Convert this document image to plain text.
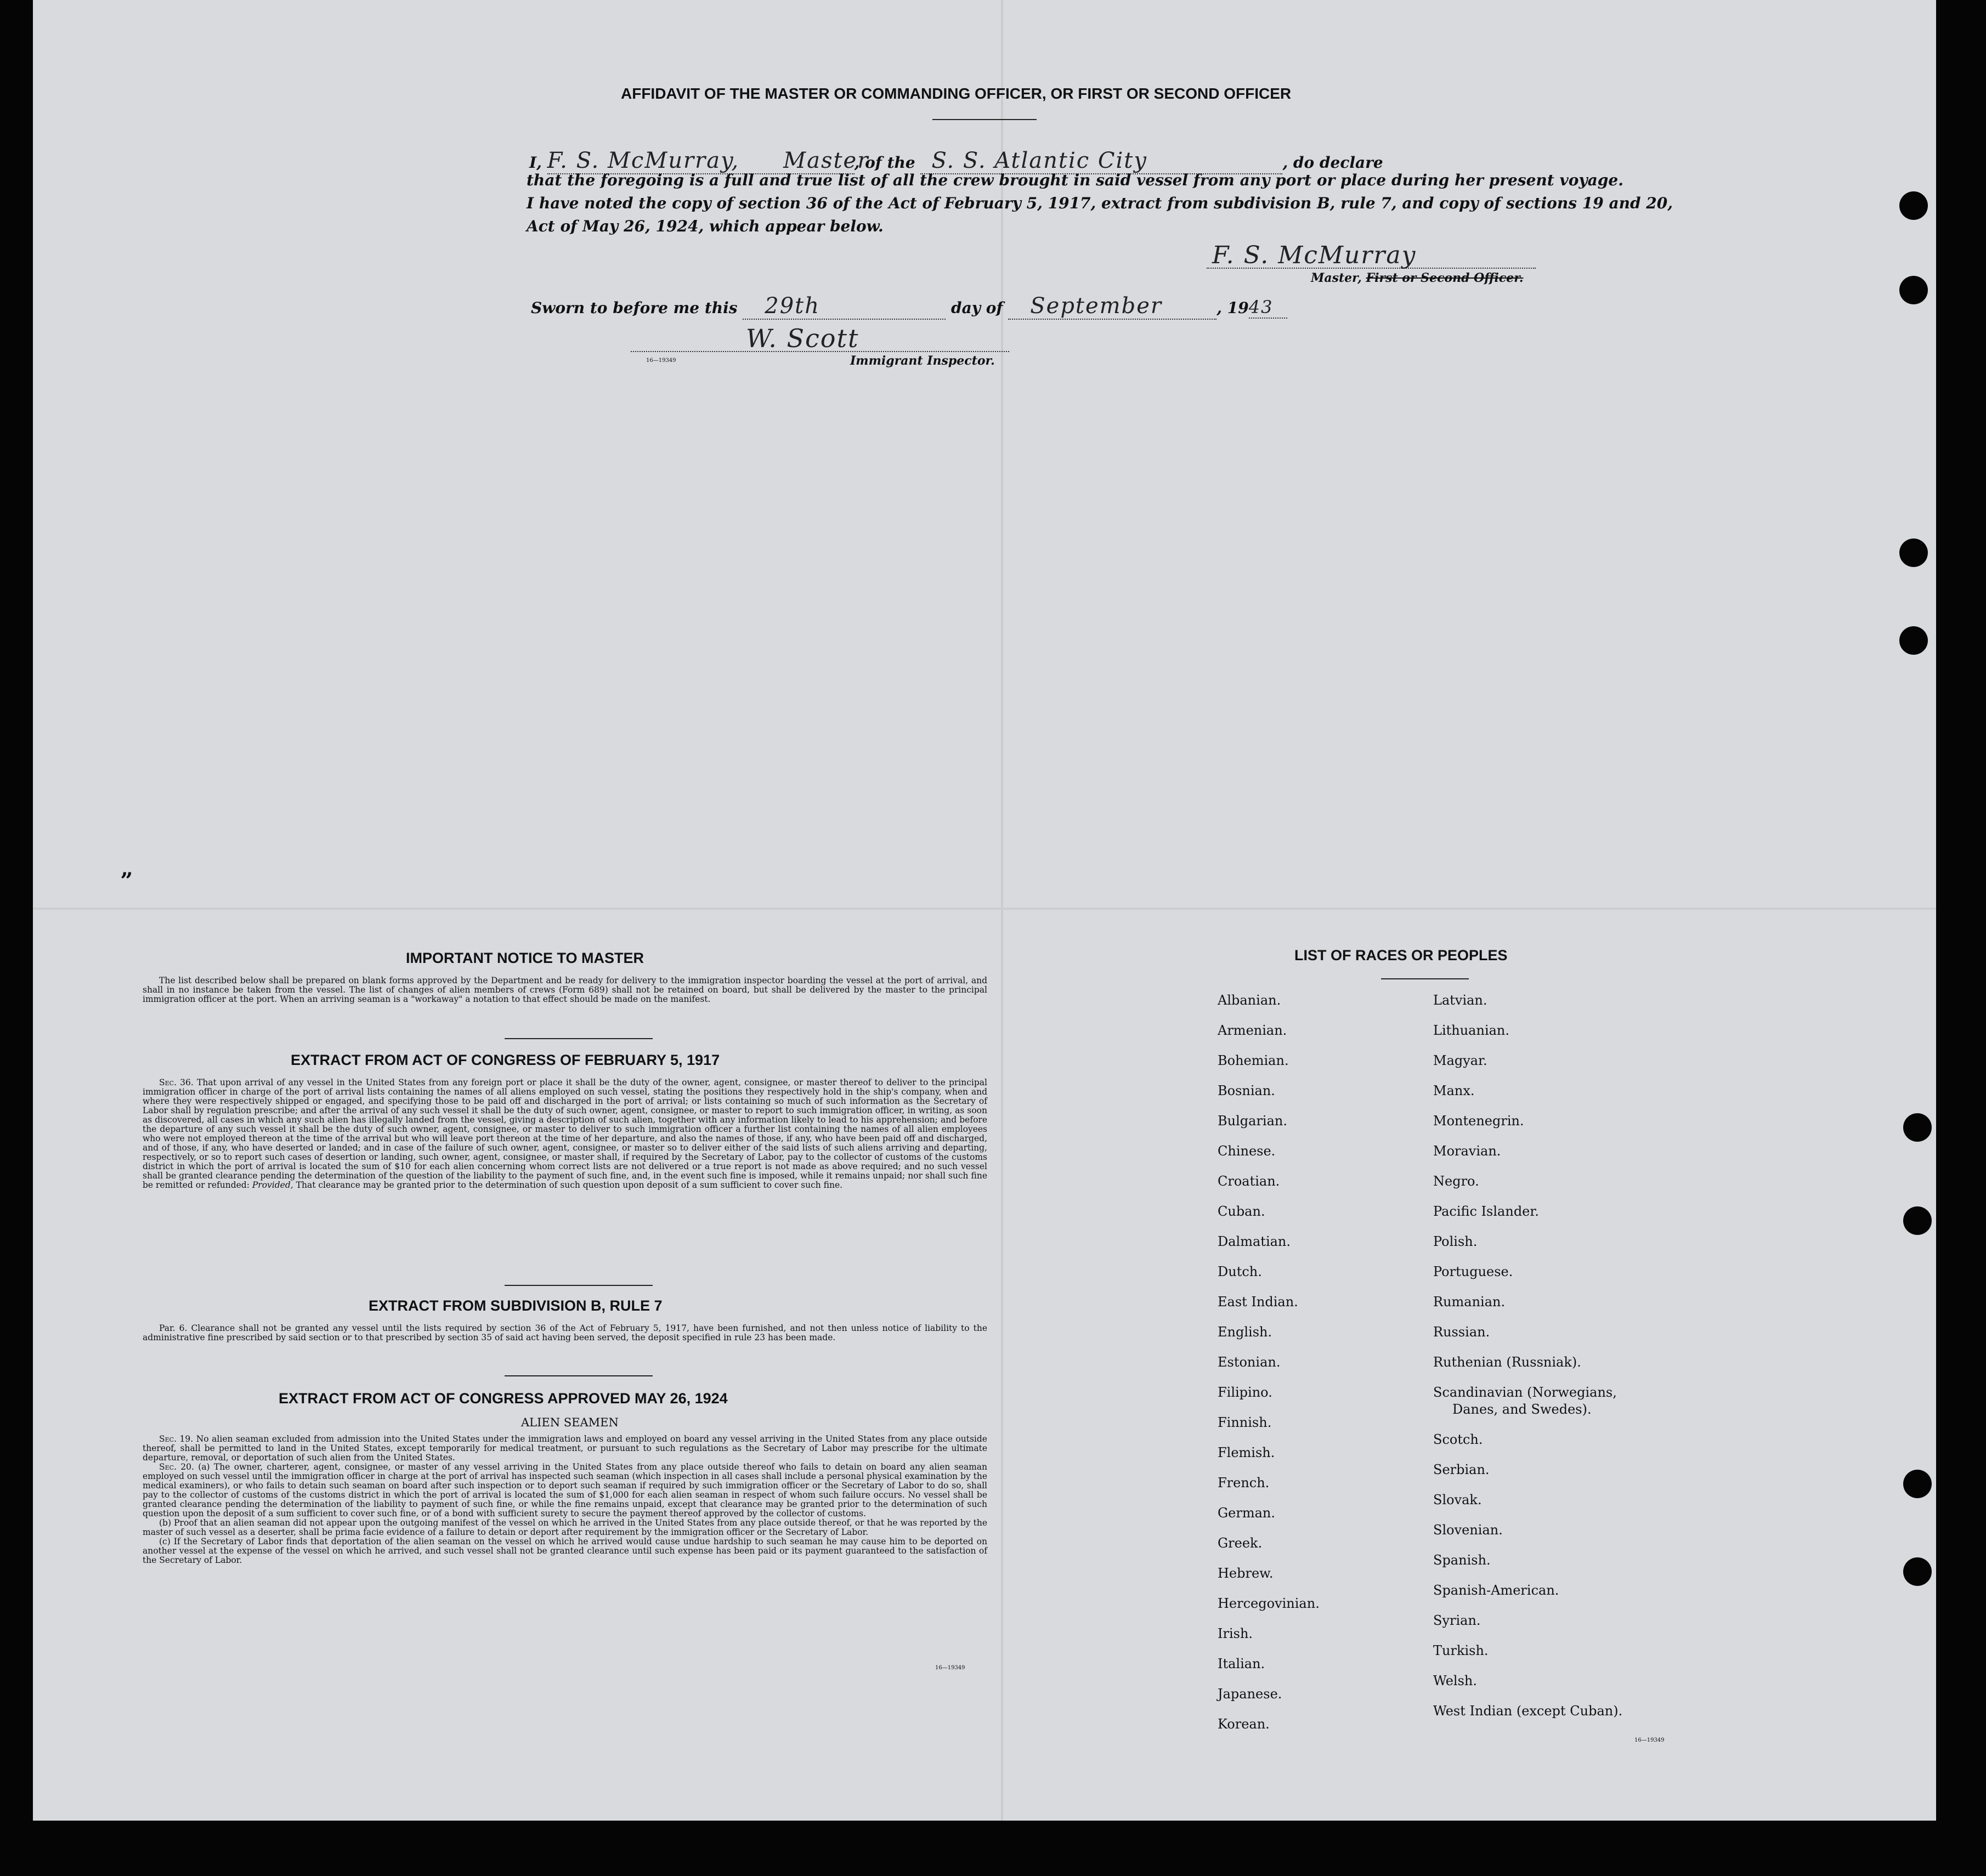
AFFIDAVIT OF THE MASTER OR COMMANDING OFFICER, OR FIRST OR SECOND OFFICER
I, F. S. McMurray, Master, of the S. S. Atlantic City	, do declare
that the foregoing is a full and true list of all the crew brought in said vessel from any port or place during her present voyage.
I have noted the copy of section 36 of the Act of February 5, 1917, extract from subdivision B, rule 7, and copy of sections 19 and 20,
Act of May 26, 1924, which appear below.
F. S. McMurray
Master, First or Second Officer.
Sworn to before me this 29th	day of September	, 1943
W. Scott
16—19349	Immigrant Inspector.
„
IMPORTANT NOTICE TO MASTER

The list described below shall be prepared on blank forms approved by the Department and be ready for delivery to the immigration inspector boarding the vessel at the port of arrival, and shall in no instance be taken from the vessel. The list of changes of alien members of crews (Form 689) shall not be retained on board, but shall be delivered by the master to the principal immigration officer at the port. When an arriving seaman is a "workaway" a notation to that effect should be made on the manifest.

EXTRACT FROM ACT OF CONGRESS OF FEBRUARY 5, 1917

Sec. 36. That upon arrival of any vessel in the United States from any foreign port or place it shall be the duty of the owner, agent, consignee, or master thereof to deliver to the principal immigration officer in charge of the port of arrival lists containing the names of all aliens employed on such vessel, stating the positions they respectively hold in the ship's company, when and where they were respectively shipped or engaged, and specifying those to be paid off and discharged in the port of arrival; or lists containing so much of such information as the Secretary of Labor shall by regulation prescribe; and after the arrival of any such vessel it shall be the duty of such owner, agent, consignee, or master to report to such immigration officer, in writing, as soon as discovered, all cases in which any such alien has illegally landed from the vessel, giving a description of such alien, together with any information likely to lead to his apprehension; and before the departure of any such vessel it shall be the duty of such owner, agent, consignee, or master to deliver to such immigration officer a further list containing the names of all alien employees who were not employed thereon at the time of the arrival but who will leave port thereon at the time of her departure, and also the names of those, if any, who have been paid off and discharged, and of those, if any, who have deserted or landed; and in case of the failure of such owner, agent, consignee, or master so to deliver either of the said lists of such aliens arriving and departing, respectively, or so to report such cases of desertion or landing, such owner, agent, consignee, or master shall, if required by the Secretary of Labor, pay to the collector of customs of the customs district in which the port of arrival is located the sum of $10 for each alien concerning whom correct lists are not delivered or a true report is not made as above required; and no such vessel shall be granted clearance pending the determination of the question of the liability to the payment of such fine, and, in the event such fine is imposed, while it remains unpaid; nor shall such fine be remitted or refunded: Provided, That clearance may be granted prior to the determination of such question upon deposit of a sum sufficient to cover such fine.

EXTRACT FROM SUBDIVISION B, RULE 7

Par. 6. Clearance shall not be granted any vessel until the lists required by section 36 of the Act of February 5, 1917, have been furnished, and not then unless notice of liability to the administrative fine prescribed by said section or to that prescribed by section 35 of said act having been served, the deposit specified in rule 23 has been made.

EXTRACT FROM ACT OF CONGRESS APPROVED MAY 26, 1924
ALIEN SEAMEN

Sec. 19. No alien seaman excluded from admission into the United States under the immigration laws and employed on board any vessel arriving in the United States from any place outside thereof, shall be permitted to land in the United States, except temporarily for medical treatment, or pursuant to such regulations as the Secretary of Labor may prescribe for the ultimate departure, removal, or deportation of such alien from the United States.

Sec. 20. (a) The owner, charterer, agent, consignee, or master of any vessel arriving in the United States from any place outside thereof who fails to detain on board any alien seaman employed on such vessel until the immigration officer in charge at the port of arrival has inspected such seaman (which inspection in all cases shall include a personal physical examination by the medical examiners), or who fails to detain such seaman on board after such inspection or to deport such seaman if required by such immigration officer or the Secretary of Labor to do so, shall pay to the collector of customs of the customs district in which the port of arrival is located the sum of $1,000 for each alien seaman in respect of whom such failure occurs. No vessel shall be granted clearance pending the determination of the liability to payment of such fine, or while the fine remains unpaid, except that clearance may be granted prior to the determination of such question upon the deposit of a sum sufficient to cover such fine, or of a bond with sufficient surety to secure the payment thereof approved by the collector of customs.

(b) Proof that an alien seaman did not appear upon the outgoing manifest of the vessel on which he arrived in the United States from any place outside thereof, or that he was reported by the master of such vessel as a deserter, shall be prima facie evidence of a failure to detain or deport after requirement by the immigration officer or the Secretary of Labor.

(c) If the Secretary of Labor finds that deportation of the alien seaman on the vessel on which he arrived would cause undue hardship to such seaman he may cause him to be deported on another vessel at the expense of the vessel on which he arrived, and such vessel shall not be granted clearance until such expense has been paid or its payment guaranteed to the satisfaction of the Secretary of Labor.

16—19349
LIST OF RACES OR PEOPLES
Albanian.
Armenian.
Bohemian.
Bosnian.
Bulgarian.
Chinese.
Croatian.
Cuban.
Dalmatian.
Dutch.
East Indian.
English.
Estonian.
Filipino.
Finnish.
Flemish.
French.
German.
Greek.
Hebrew.
Hercegovinian.
Irish.
Italian.
Japanese.
Korean.
Latvian.
Lithuanian.
Magyar.
Manx.
Montenegrin.
Moravian.
Negro.
Pacific Islander.
Polish.
Portuguese.
Rumanian.
Russian.
Ruthenian (Russniak).
Scandinavian (Norwegians,
Danes, and Swedes).
Scotch.
Serbian.
Slovak.
Slovenian.
Spanish.
Spanish-American.
Syrian.
Turkish.
Welsh.
West Indian (except Cuban).
16—19349
